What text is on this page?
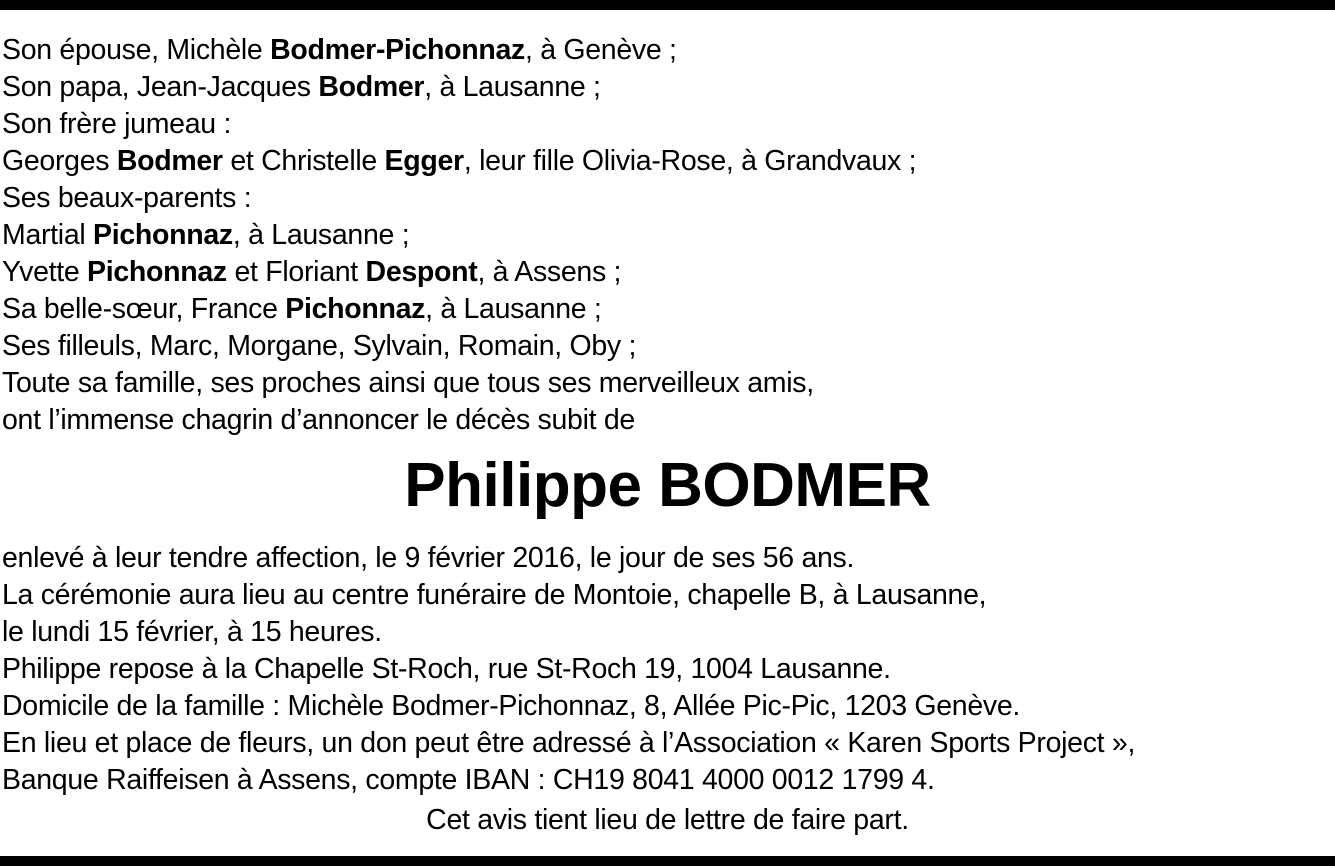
Son épouse, Michèle Bodmer-Pichonnaz, à Genève ;
Son papa, Jean-Jacques Bodmer, à Lausanne ;
Son frère jumeau :
Georges Bodmer et Christelle Egger, leur fille Olivia-Rose, à Grandvaux ;
Ses beaux-parents :
Martial Pichonnaz, à Lausanne ;
Yvette Pichonnaz et Floriant Despont, à Assens ;
Sa belle-sœur, France Pichonnaz, à Lausanne ;
Ses filleuls, Marc, Morgane, Sylvain, Romain, Oby ;
Toute sa famille, ses proches ainsi que tous ses merveilleux amis,
ont l’immense chagrin d’annoncer le décès subit de
Philippe BODMER
enlevé à leur tendre affection, le 9 février 2016, le jour de ses 56 ans.
La cérémonie aura lieu au centre funéraire de Montoie, chapelle B, à Lausanne,
le lundi 15 février, à 15 heures.
Philippe repose à la Chapelle St-Roch, rue St-Roch 19, 1004 Lausanne.
Domicile de la famille : Michèle Bodmer-Pichonnaz, 8, Allée Pic-Pic, 1203 Genève.
En lieu et place de fleurs, un don peut être adressé à l’Association « Karen Sports Project »,
Banque Raiffeisen à Assens, compte IBAN : CH19 8041 4000 0012 1799 4.
Cet avis tient lieu de lettre de faire part.
